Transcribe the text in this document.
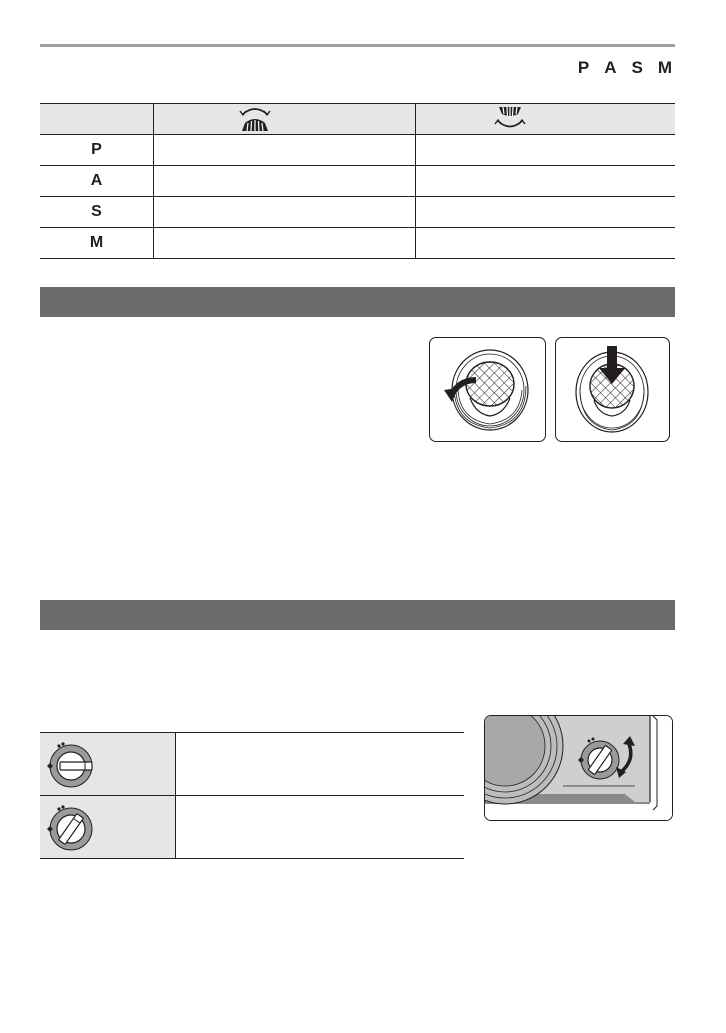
P A S M

P		
A		
S		
M		
